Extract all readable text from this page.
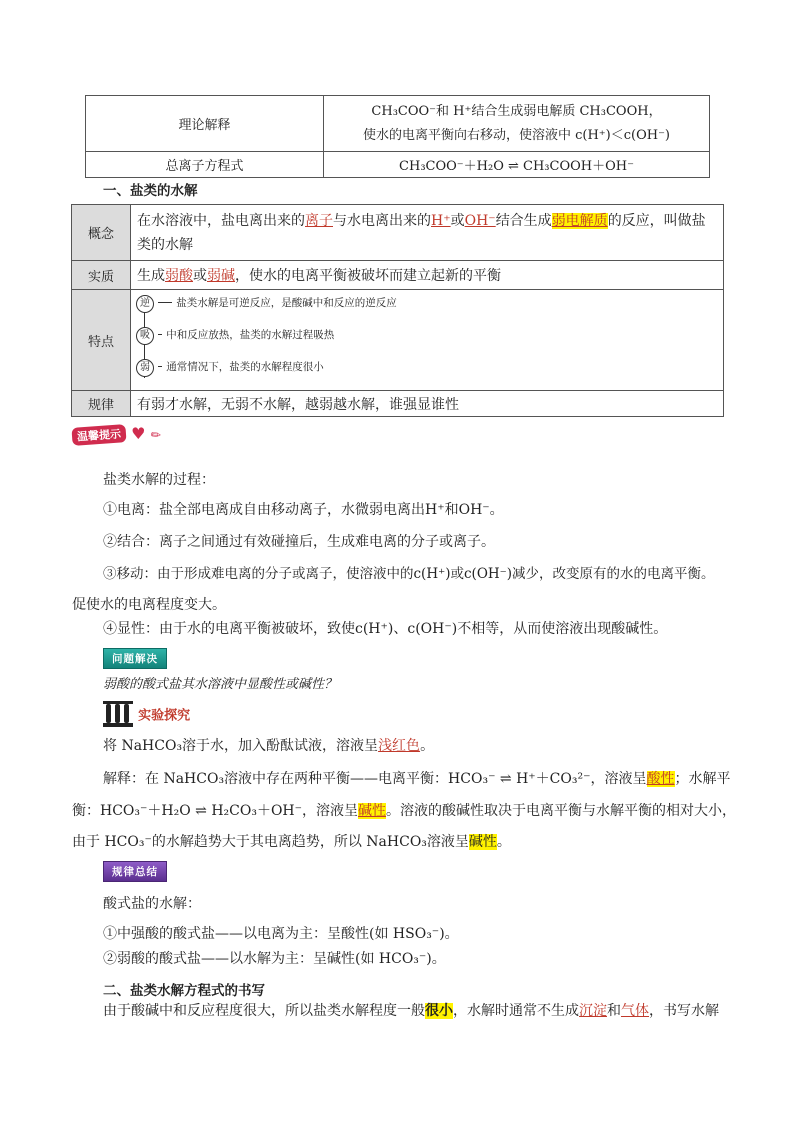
理论解释	CH₃COO⁻和 H⁺结合生成弱电解质 CH₃COOH，
使水的电离平衡向右移动，使溶液中 c(H⁺)＜c(OH⁻)

总离子方程式	CH₃COO⁻＋H₂O ⇌ CH₃COOH＋OH⁻
一、盐类的水解
概念	在水溶液中，盐电离出来的离子与水电离出来的H⁺或OH⁻结合生成弱电解质的反应，叫做盐
类的水解

实质	生成弱酸或弱碱，使水的电离平衡被破坏而建立起新的平衡
特点	逆 盐类水解是可逆反应，是酸碱中和反应的逆反应
吸 中和反应放热，盐类的水解过程吸热
弱 通常情况下，盐类的水解程度很小

规律	有弱才水解，无弱不水解，越弱越水解，谁强显谁性
温馨提示 ♥ ✎
盐类水解的过程：
①电离：盐全部电离成自由移动离子，水微弱电离出H⁺和OH⁻。
②结合：离子之间通过有效碰撞后，生成难电离的分子或离子。
③移动：由于形成难电离的分子或离子，使溶液中的c(H⁺)或c(OH⁻)减少，改变原有的水的电离平衡。
促使水的电离程度变大。
④显性：由于水的电离平衡被破坏，致使c(H⁺)、c(OH⁻)不相等，从而使溶液出现酸碱性。
问题解决
弱酸的酸式盐其水溶液中显酸性或碱性？
实验探究
将 NaHCO₃溶于水，加入酚酞试液，溶液呈浅红色。
解释：在 NaHCO₃溶液中存在两种平衡——电离平衡：HCO₃⁻ ⇌ H⁺＋CO₃²⁻，溶液呈酸性；水解平
衡：HCO₃⁻＋H₂O ⇌ H₂CO₃＋OH⁻，溶液呈碱性。溶液的酸碱性取决于电离平衡与水解平衡的相对大小，
由于 HCO₃⁻的水解趋势大于其电离趋势，所以 NaHCO₃溶液呈碱性。
规律总结
酸式盐的水解：
①中强酸的酸式盐——以电离为主：呈酸性(如 HSO₃⁻)。
②弱酸的酸式盐——以水解为主：呈碱性(如 HCO₃⁻)。
二、盐类水解方程式的书写
由于酸碱中和反应程度很大，所以盐类水解程度一般很小，水解时通常不生成沉淀和气体，书写水解
